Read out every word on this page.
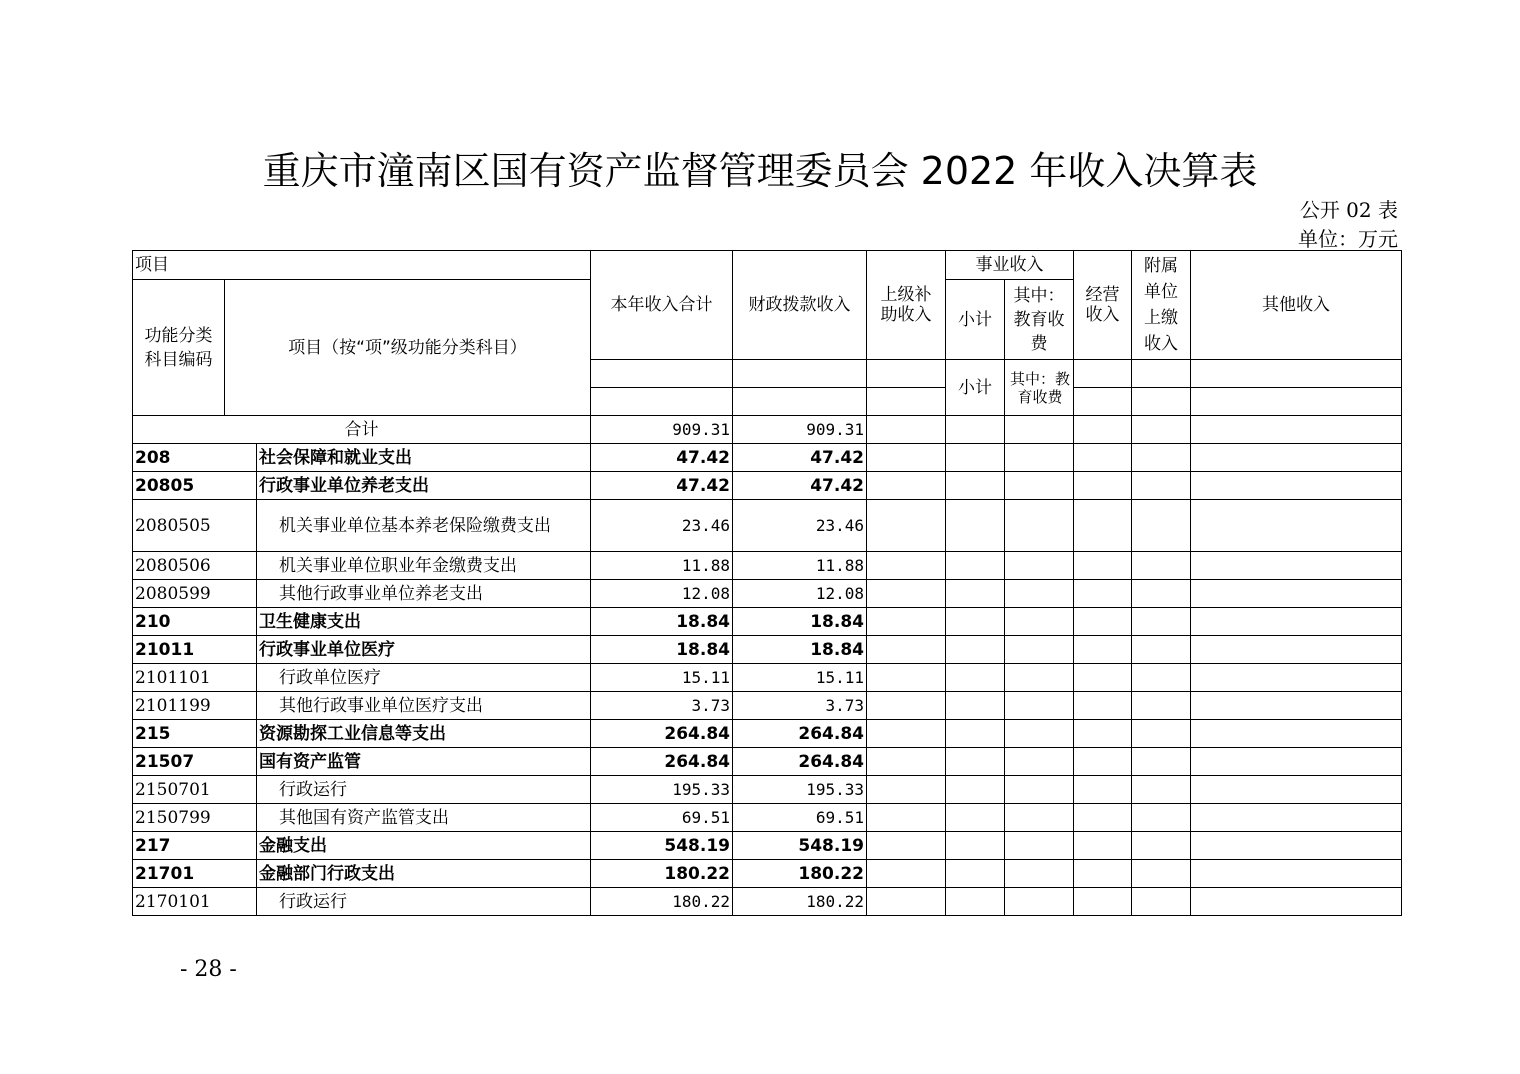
重庆市潼南区国有资产监督管理委员会 2022 年收入决算表
公开 02 表
单位：万元
项目			本年收入合计	财政拨款收入	上级补助收入	事业收入		经营收入	附属单位上缴收入	其他收入

功能分类科目编码	项目（按“项”级功能分类科目）					小计	其中：教育收费			

						小计	其中：教育收费			

合计			909.31	909.31						
208		社会保障和就业支出	47.42	47.42						
20805		行政事业单位养老支出	47.42	47.42						
2080505		机关事业单位基本养老保险缴费支出	23.46	23.46						
2080506		机关事业单位职业年金缴费支出	11.88	11.88						
2080599		其他行政事业单位养老支出	12.08	12.08						
210		卫生健康支出	18.84	18.84						
21011		行政事业单位医疗	18.84	18.84						
2101101		行政单位医疗	15.11	15.11						
2101199		其他行政事业单位医疗支出	3.73	3.73						
215		资源勘探工业信息等支出	264.84	264.84						
21507		国有资产监管	264.84	264.84						
2150701		行政运行	195.33	195.33						
2150799		其他国有资产监管支出	69.51	69.51						
217		金融支出	548.19	548.19						
21701		金融部门行政支出	180.22	180.22						
2170101		行政运行	180.22	180.22						
- 28 -
